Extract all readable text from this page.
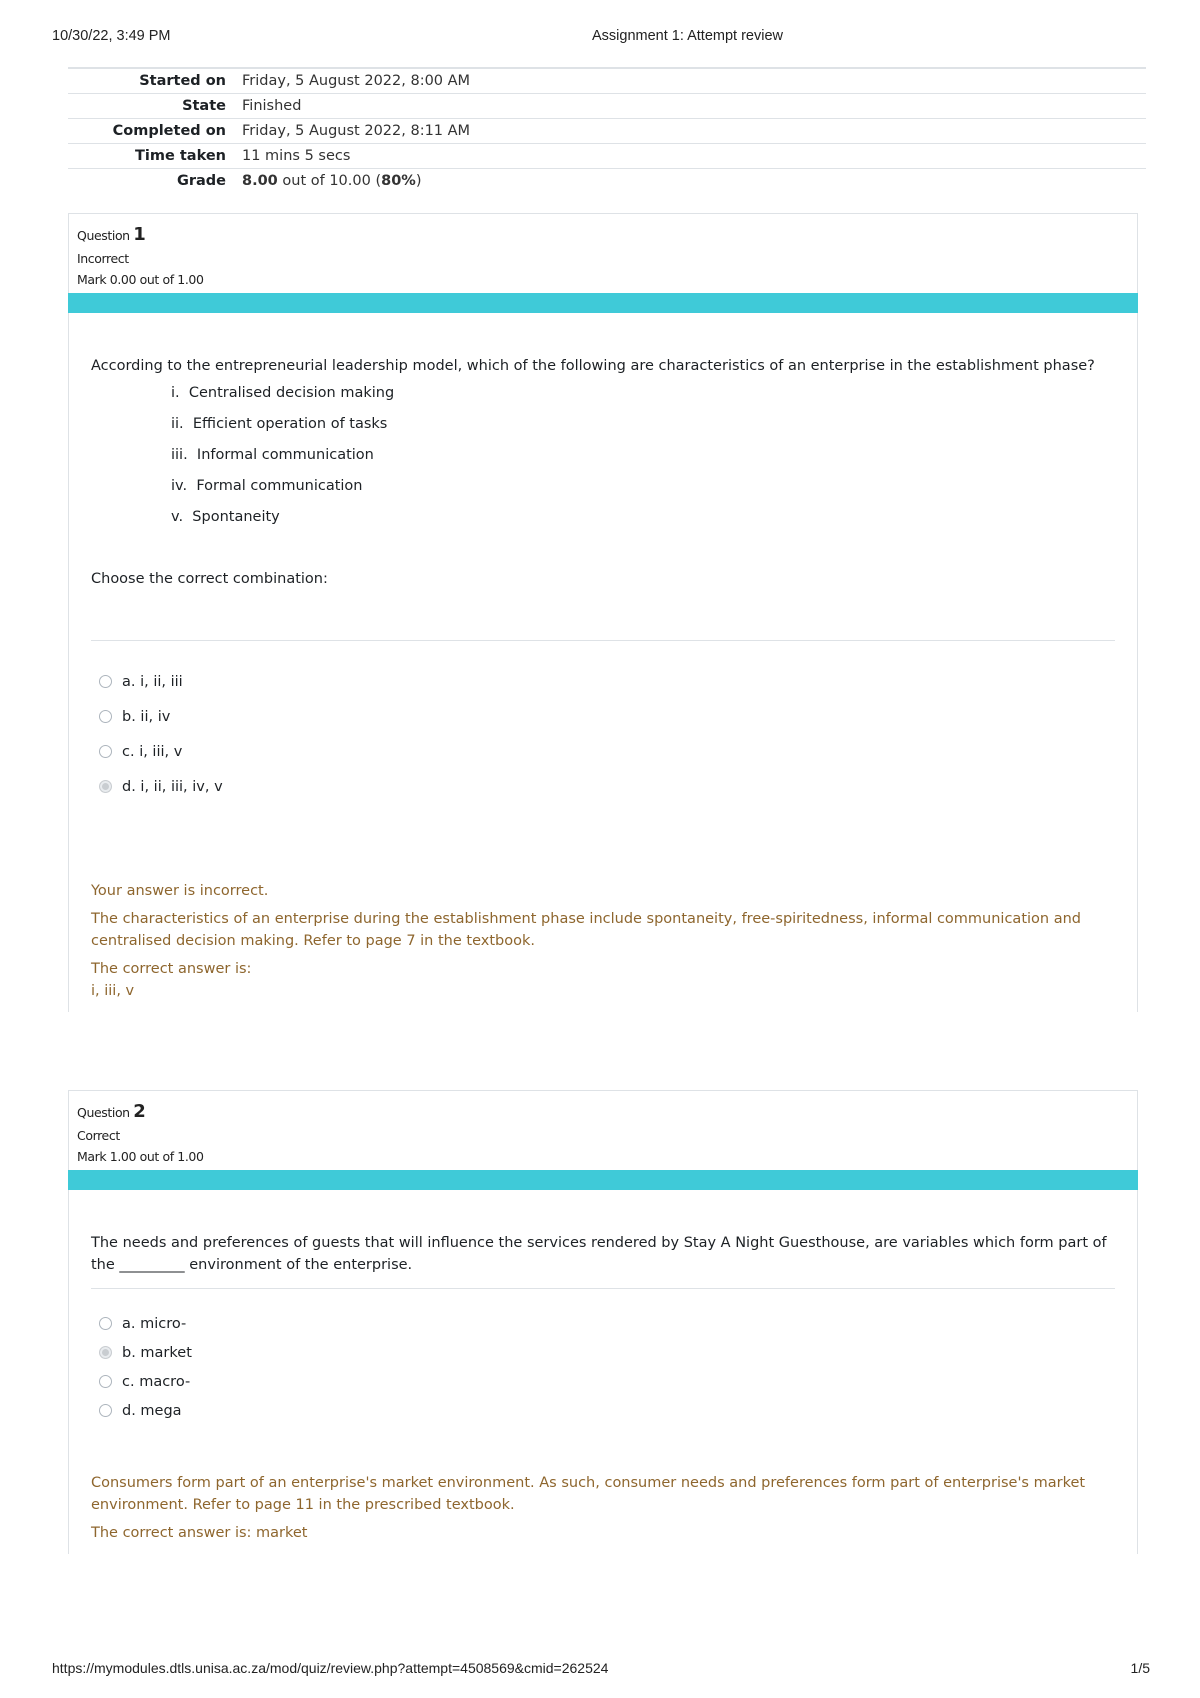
10/30/22, 3:49 PM	Assignment 1: Attempt review
Started on	Friday, 5 August 2022, 8:00 AM
State	Finished
Completed on	Friday, 5 August 2022, 8:11 AM
Time taken	11 mins 5 secs
Grade	8.00 out of 10.00 (80%)
Question 1
Incorrect
Mark 0.00 out of 1.00
According to the entrepreneurial leadership model, which of the following are characteristics of an enterprise in the establishment phase?
i. Centralised decision making
ii. Efficient operation of tasks
iii. Informal communication
iv. Formal communication
v. Spontaneity
Choose the correct combination:
a. i, ii, iii
b. ii, iv
c. i, iii, v
d. i, ii, iii, iv, v
Your answer is incorrect.
The characteristics of an enterprise during the establishment phase include spontaneity, free-spiritedness, informal communication and centralised decision making. Refer to page 7 in the textbook.
The correct answer is:
i, iii, v
Question 2
Correct
Mark 1.00 out of 1.00
The needs and preferences of guests that will influence the services rendered by Stay A Night Guesthouse, are variables which form part of the _________ environment of the enterprise.
a. micro-
b. market
c. macro-
d. mega
Consumers form part of an enterprise's market environment. As such, consumer needs and preferences form part of enterprise's market environment. Refer to page 11 in the prescribed textbook.
The correct answer is: market
https://mymodules.dtls.unisa.ac.za/mod/quiz/review.php?attempt=4508569&cmid=262524	1/5
